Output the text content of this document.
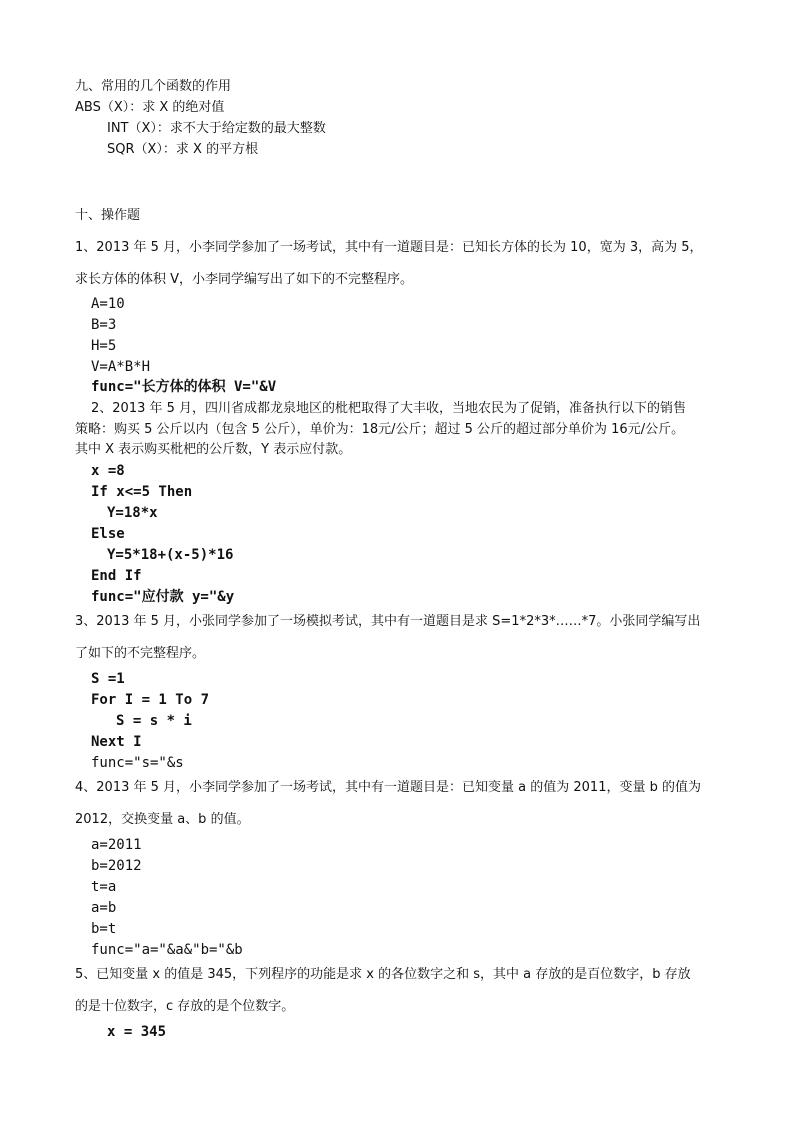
九、常用的几个函数的作用
ABS（X）：求 X 的绝对值
INT（X）：求不大于给定数的最大整数
SQR（X）：求 X 的平方根
十、操作题
1、2013 年 5 月，小李同学参加了一场考试，其中有一道题目是：已知长方体的长为 10，宽为 3，高为 5，
求长方体的体积 V，小李同学编写出了如下的不完整程序。
A=10
B=3
H=5
V=A*B*H
func="长方体的体积 V="&V
2、2013 年 5 月，四川省成都龙泉地区的枇杷取得了大丰收，当地农民为了促销，准备执行以下的销售
策略：购买 5 公斤以内（包含 5 公斤），单价为：18元/公斤；超过 5 公斤的超过部分单价为 16元/公斤。
其中 X 表示购买枇杷的公斤数，Y 表示应付款。
x =8
If x<=5 Then
Y=18*x
Else
Y=5*18+(x-5)*16
End If
func="应付款 y="&y
3、2013 年 5 月，小张同学参加了一场模拟考试，其中有一道题目是求 S=1*2*3*……*7。小张同学编写出
了如下的不完整程序。
S =1
For I = 1 To 7
S = s * i
Next I
func="s="&s
4、2013 年 5 月，小李同学参加了一场考试，其中有一道题目是：已知变量 a 的值为 2011，变量 b 的值为
2012，交换变量 a、b 的值。
a=2011
b=2012
t=a
a=b
b=t
func="a="&a&"b="&b
5、已知变量 x 的值是 345，下列程序的功能是求 x 的各位数字之和 s，其中 a 存放的是百位数字，b 存放
的是十位数字，c 存放的是个位数字。
x = 345
